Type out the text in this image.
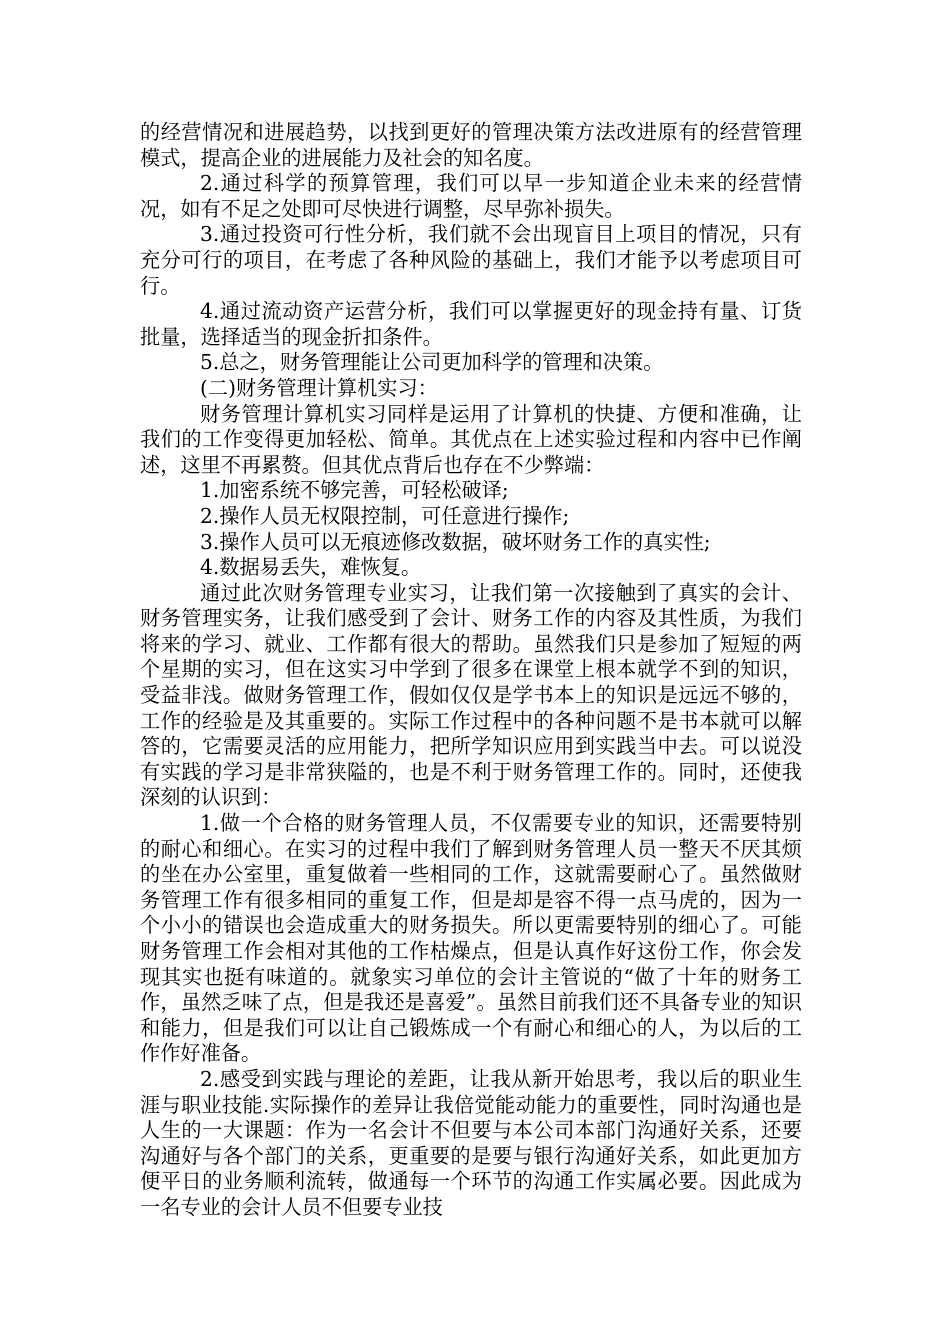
的经营情况和进展趋势，以找到更好的管理决策方法改进原有的经营管理模式，提高企业的进展能力及社会的知名度。

2.通过科学的预算管理，我们可以早一步知道企业未来的经营情况，如有不足之处即可尽快进行调整，尽早弥补损失。

3.通过投资可行性分析，我们就不会出现盲目上项目的情况，只有充分可行的项目，在考虑了各种风险的基础上，我们才能予以考虑项目可行。

4.通过流动资产运营分析，我们可以掌握更好的现金持有量、订货批量，选择适当的现金折扣条件。

5.总之，财务管理能让公司更加科学的管理和决策。

(二)财务管理计算机实习：

财务管理计算机实习同样是运用了计算机的快捷、方便和准确，让我们的工作变得更加轻松、简单。其优点在上述实验过程和内容中已作阐述，这里不再累赘。但其优点背后也存在不少弊端：

1.加密系统不够完善，可轻松破译;

2.操作人员无权限控制，可任意进行操作;

3.操作人员可以无痕迹修改数据，破坏财务工作的真实性;

4.数据易丢失，难恢复。

通过此次财务管理专业实习，让我们第一次接触到了真实的会计、财务管理实务，让我们感受到了会计、财务工作的内容及其性质，为我们将来的学习、就业、工作都有很大的帮助。虽然我们只是参加了短短的两个星期的实习，但在这实习中学到了很多在课堂上根本就学不到的知识，受益非浅。做财务管理工作，假如仅仅是学书本上的知识是远远不够的，工作的经验是及其重要的。实际工作过程中的各种问题不是书本就可以解答的，它需要灵活的应用能力，把所学知识应用到实践当中去。可以说没有实践的学习是非常狭隘的，也是不利于财务管理工作的。同时，还使我深刻的认识到：

1.做一个合格的财务管理人员，不仅需要专业的知识，还需要特别的耐心和细心。在实习的过程中我们了解到财务管理人员一整天不厌其烦的坐在办公室里，重复做着一些相同的工作，这就需要耐心了。虽然做财务管理工作有很多相同的重复工作，但是却是容不得一点马虎的，因为一个小小的错误也会造成重大的财务损失。所以更需要特别的细心了。可能财务管理工作会相对其他的工作枯燥点，但是认真作好这份工作，你会发现其实也挺有味道的。就象实习单位的会计主管说的“做了十年的财务工作，虽然乏味了点，但是我还是喜爱”。虽然目前我们还不具备专业的知识和能力，但是我们可以让自己锻炼成一个有耐心和细心的人，为以后的工作作好准备。

2.感受到实践与理论的差距，让我从新开始思考，我以后的职业生涯与职业技能.实际操作的差异让我倍觉能动能力的重要性，同时沟通也是人生的一大课题：作为一名会计不但要与本公司本部门沟通好关系，还要沟通好与各个部门的关系，更重要的是要与银行沟通好关系，如此更加方便平日的业务顺利流转，做通每一个环节的沟通工作实属必要。因此成为一名专业的会计人员不但要专业技
